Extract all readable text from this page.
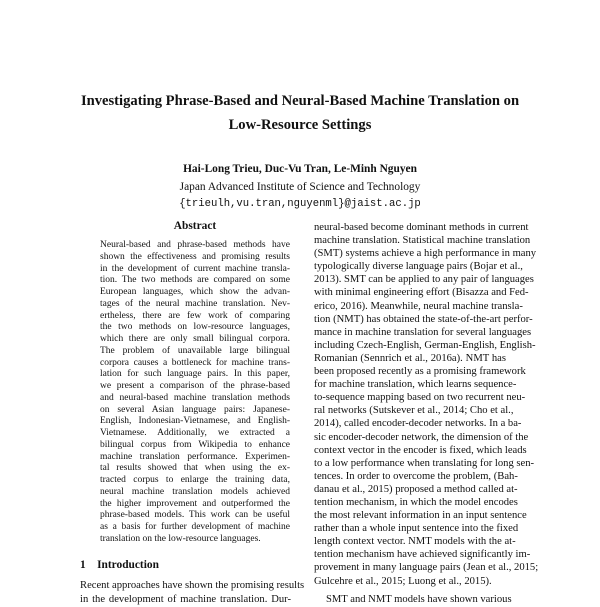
Investigating Phrase-Based and Neural-Based Machine Translation on
Low-Resource Settings
Hai-Long Trieu, Duc-Vu Tran, Le-Minh Nguyen
Japan Advanced Institute of Science and Technology
{trieulh,vu.tran,nguyenml}@jaist.ac.jp
Abstract
Neural-based and phrase-based methods have
shown the effectiveness and promising results
in the development of current machine transla-
tion. The two methods are compared on some
European languages, which show the advan-
tages of the neural machine translation. Nev-
ertheless, there are few work of comparing
the two methods on low-resource languages,
which there are only small bilingual corpora.
The problem of unavailable large bilingual
corpora causes a bottleneck for machine trans-
lation for such language pairs. In this paper,
we present a comparison of the phrase-based
and neural-based machine translation methods
on several Asian language pairs: Japanese-
English, Indonesian-Vietnamese, and English-
Vietnamese. Additionally, we extracted a
bilingual corpus from Wikipedia to enhance
machine translation performance. Experimen-
tal results showed that when using the ex-
tracted corpus to enlarge the training data,
neural machine translation models achieved
the higher improvement and outperformed the
phrase-based models. This work can be useful
as a basis for further development of machine
translation on the low-resource languages.
1 Introduction
Recent approaches have shown the promising results
in the development of machine translation. Dur-
neural-based become dominant methods in current
machine translation. Statistical machine translation
(SMT) systems achieve a high performance in many
typologically diverse language pairs (Bojar et al.,
2013). SMT can be applied to any pair of languages
with minimal engineering effort (Bisazza and Fed-
erico, 2016). Meanwhile, neural machine transla-
tion (NMT) has obtained the state-of-the-art perfor-
mance in machine translation for several languages
including Czech-English, German-English, English-
Romanian (Sennrich et al., 2016a). NMT has
been proposed recently as a promising framework
for machine translation, which learns sequence-
to-sequence mapping based on two recurrent neu-
ral networks (Sutskever et al., 2014; Cho et al.,
2014), called encoder-decoder networks. In a ba-
sic encoder-decoder network, the dimension of the
context vector in the encoder is fixed, which leads
to a low performance when translating for long sen-
tences. In order to overcome the problem, (Bah-
danau et al., 2015) proposed a method called at-
tention mechanism, in which the model encodes
the most relevant information in an input sentence
rather than a whole input sentence into the fixed
length context vector. NMT models with the at-
tention mechanism have achieved significantly im-
provement in many language pairs (Jean et al., 2015;
Gulcehre et al., 2015; Luong et al., 2015).
SMT and NMT models have shown various
